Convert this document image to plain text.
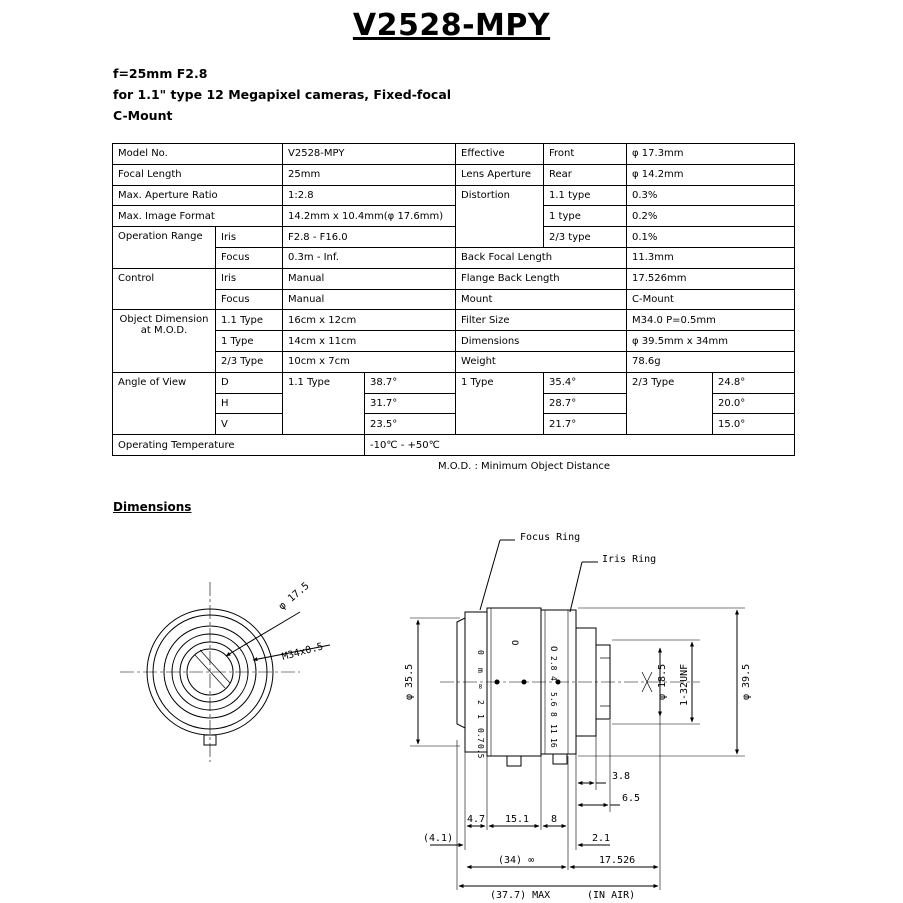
V2528-MPY
f=25mm F2.8
for 1.1" type 12 Megapixel cameras, Fixed-focal
C-Mount
Model No.		V2528-MPY		Effective	Front	φ 17.3mm	
Focal Length		25mm		Lens Aperture	Rear	φ 14.2mm	
Max. Aperture Ratio		1:2.8		Distortion	1.1 type	0.3%	
Max. Image Format		14.2mm x 10.4mm(φ 17.6mm)			1 type	0.2%	
Operation Range	Iris	F2.8 - F16.0			2/3 type	0.1%	
	Focus	0.3m - Inf.		Back Focal Length		11.3mm	
Control	Iris	Manual		Flange Back Length		17.526mm	
	Focus	Manual		Mount		C-Mount	

Object Dimension
at M.O.D.	1.1 Type	16cm x 12cm		Filter Size		M34.0 P=0.5mm	
	1 Type	14cm x 11cm		Dimensions		φ 39.5mm x 34mm	
	2/3 Type	10cm x 7cm		Weight		78.6g	
Angle of View	D	1.1 Type	38.7°	1 Type	35.4°	2/3 Type	24.8°
	H		31.7°		28.7°		20.0°
	V		23.5°		21.7°		15.0°
Operating Temperature			-10℃ - +50℃				
M.O.D. : Minimum Object Distance
Dimensions
Focus Ring
Iris Ring
φ 17.5
M34x0.5
φ 35.5	φ 18.5 1-32UNF	φ 39.5
0
m
∞
2
1
0.7
0.5
O
O
2.8
4
5.6
8
11
16
3.8
6.5
4.7 15.1 8
(4.1)	2.1
(34) ∞	17.526
(37.7) MAX	(IN AIR)
